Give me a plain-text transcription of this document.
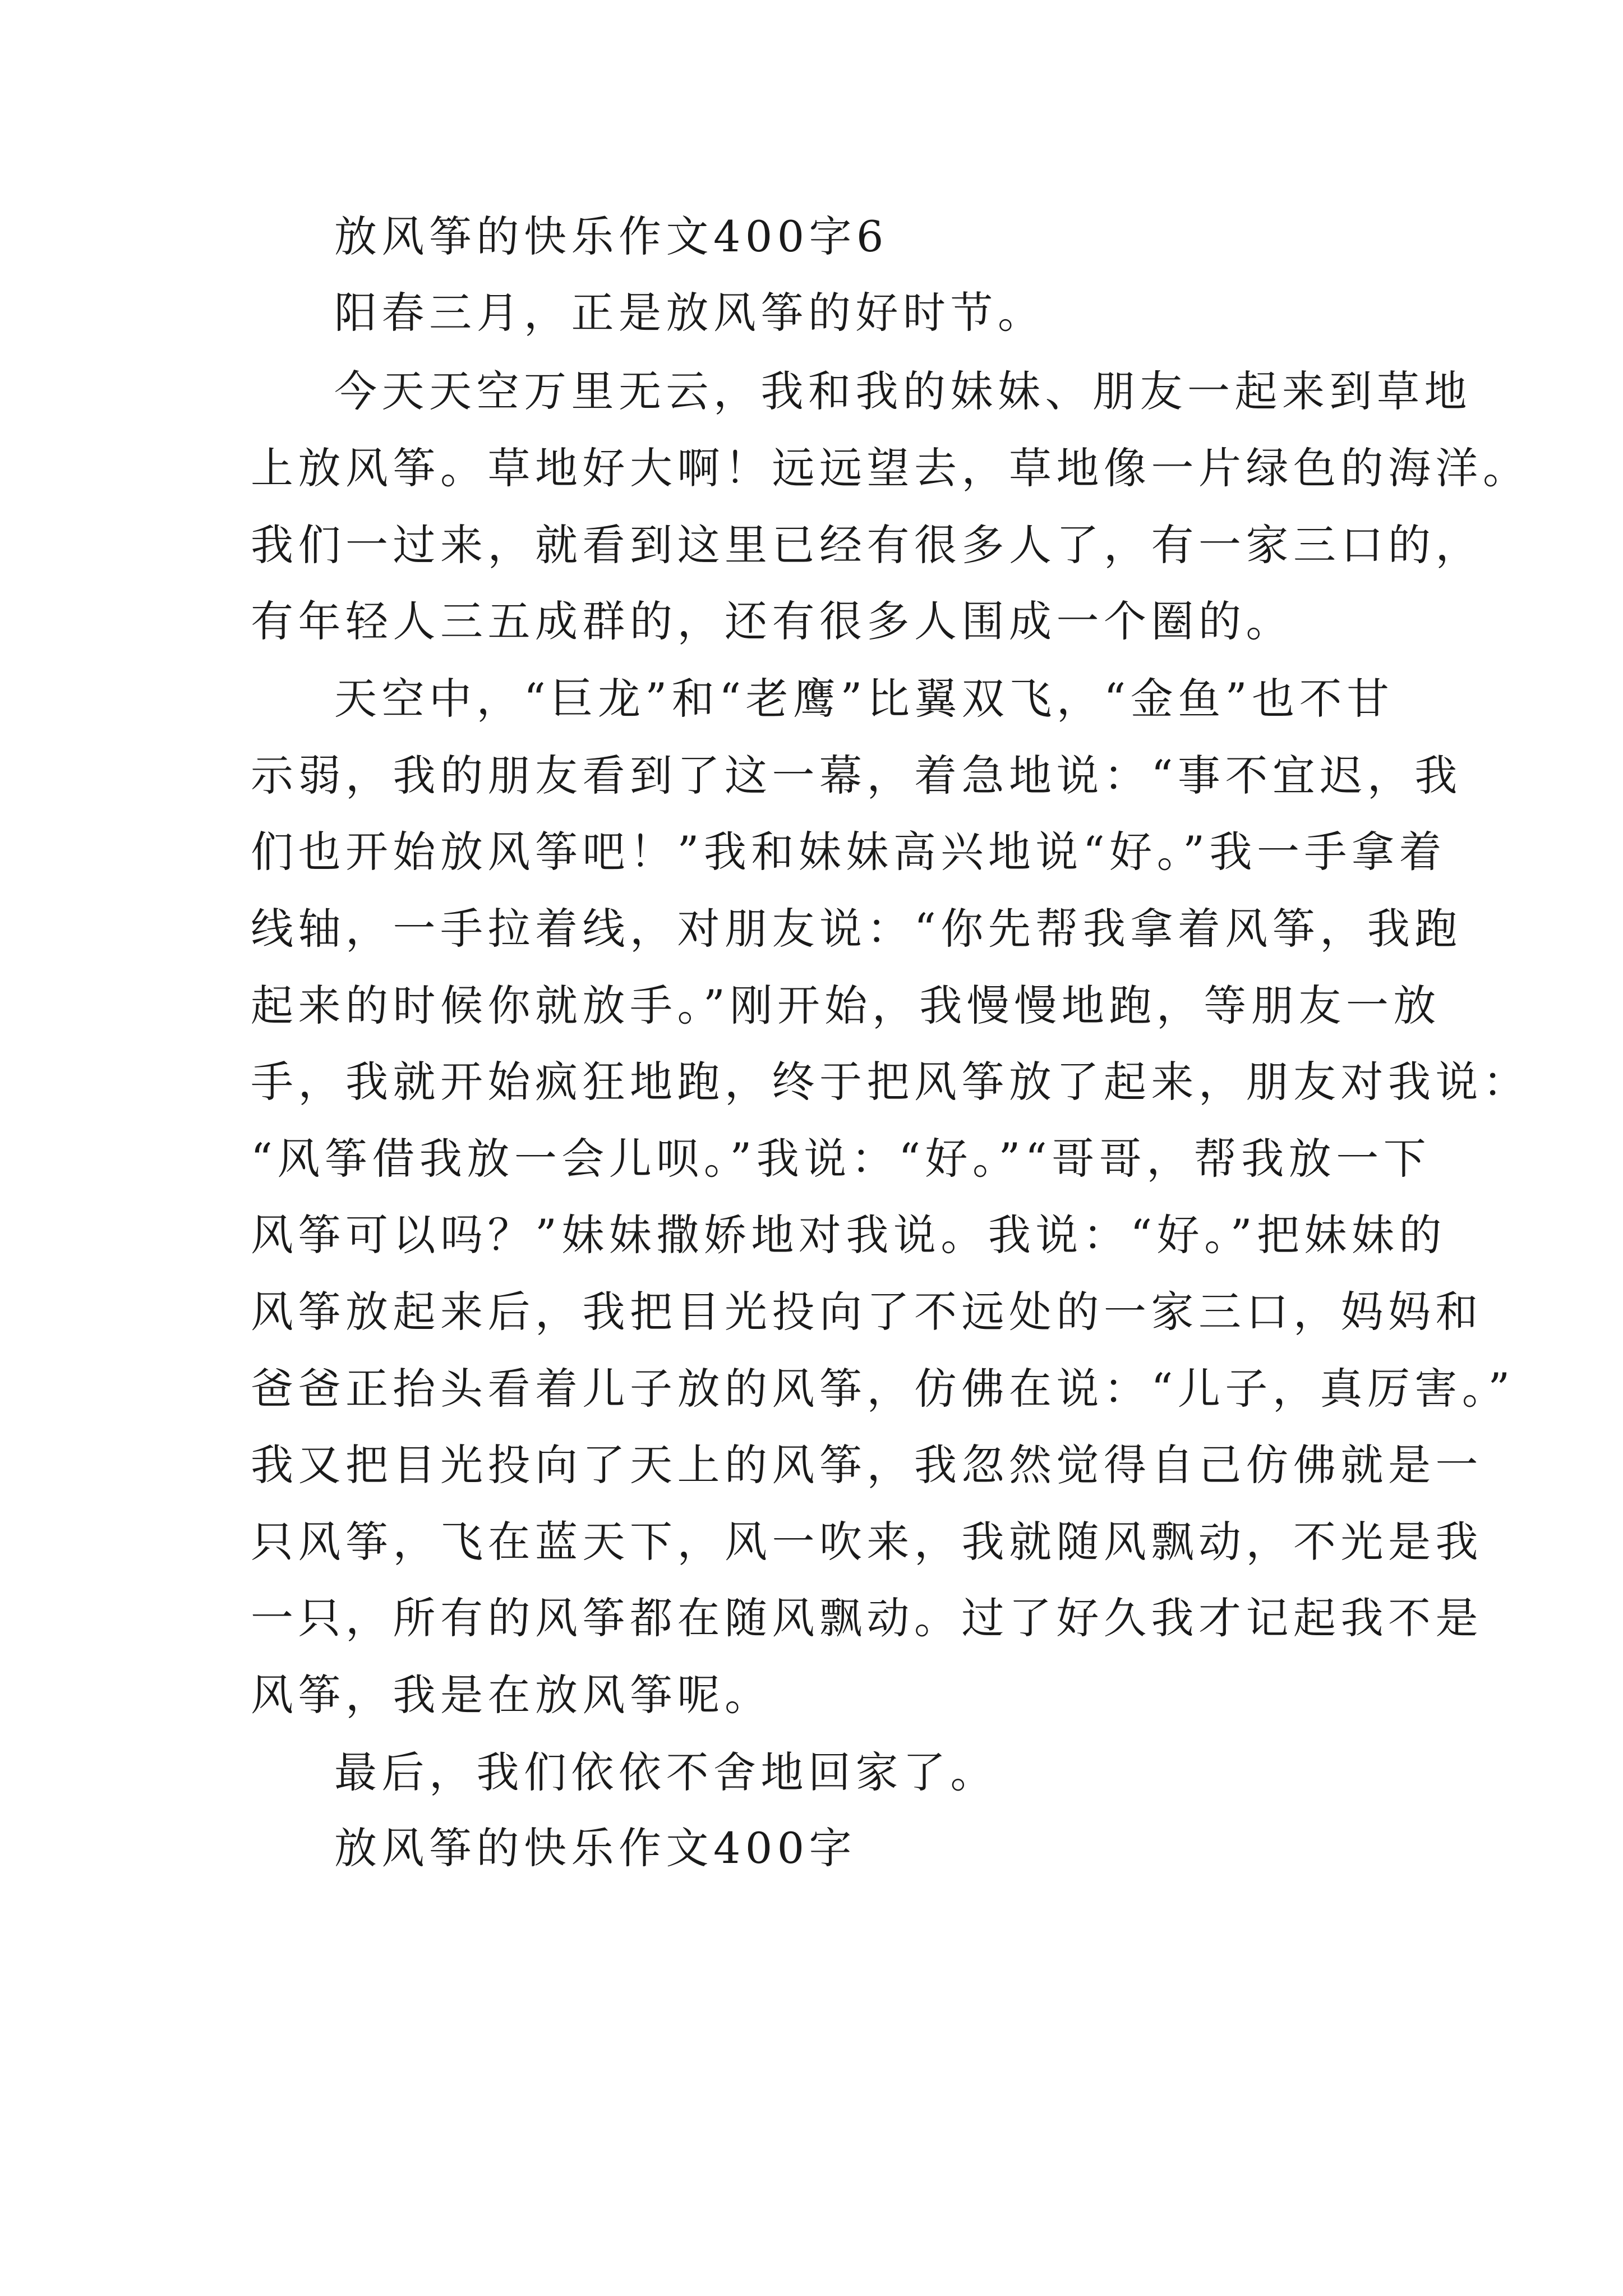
放风筝的快乐作文400字6
阳春三月，正是放风筝的好时节。
今天天空万里无云，我和我的妹妹、朋友一起来到草地
上放风筝。草地好大啊！远远望去，草地像一片绿色的海洋。
我们一过来，就看到这里已经有很多人了，有一家三口的，
有年轻人三五成群的，还有很多人围成一个圈的。
天空中，“巨龙”和“老鹰”比翼双飞，“金鱼”也不甘
示弱，我的朋友看到了这一幕，着急地说：“事不宜迟，我
们也开始放风筝吧！”我和妹妹高兴地说“好。”我一手拿着
线轴，一手拉着线，对朋友说：“你先帮我拿着风筝，我跑
起来的时候你就放手。”刚开始，我慢慢地跑，等朋友一放
手，我就开始疯狂地跑，终于把风筝放了起来，朋友对我说：
“风筝借我放一会儿呗。”我说：“好。”“哥哥，帮我放一下
风筝可以吗？”妹妹撒娇地对我说。我说：“好。”把妹妹的
风筝放起来后，我把目光投向了不远处的一家三口，妈妈和
爸爸正抬头看着儿子放的风筝，仿佛在说：“儿子，真厉害。”
我又把目光投向了天上的风筝，我忽然觉得自己仿佛就是一
只风筝，飞在蓝天下，风一吹来，我就随风飘动，不光是我
一只，所有的风筝都在随风飘动。过了好久我才记起我不是
风筝，我是在放风筝呢。
最后，我们依依不舍地回家了。
放风筝的快乐作文400字
